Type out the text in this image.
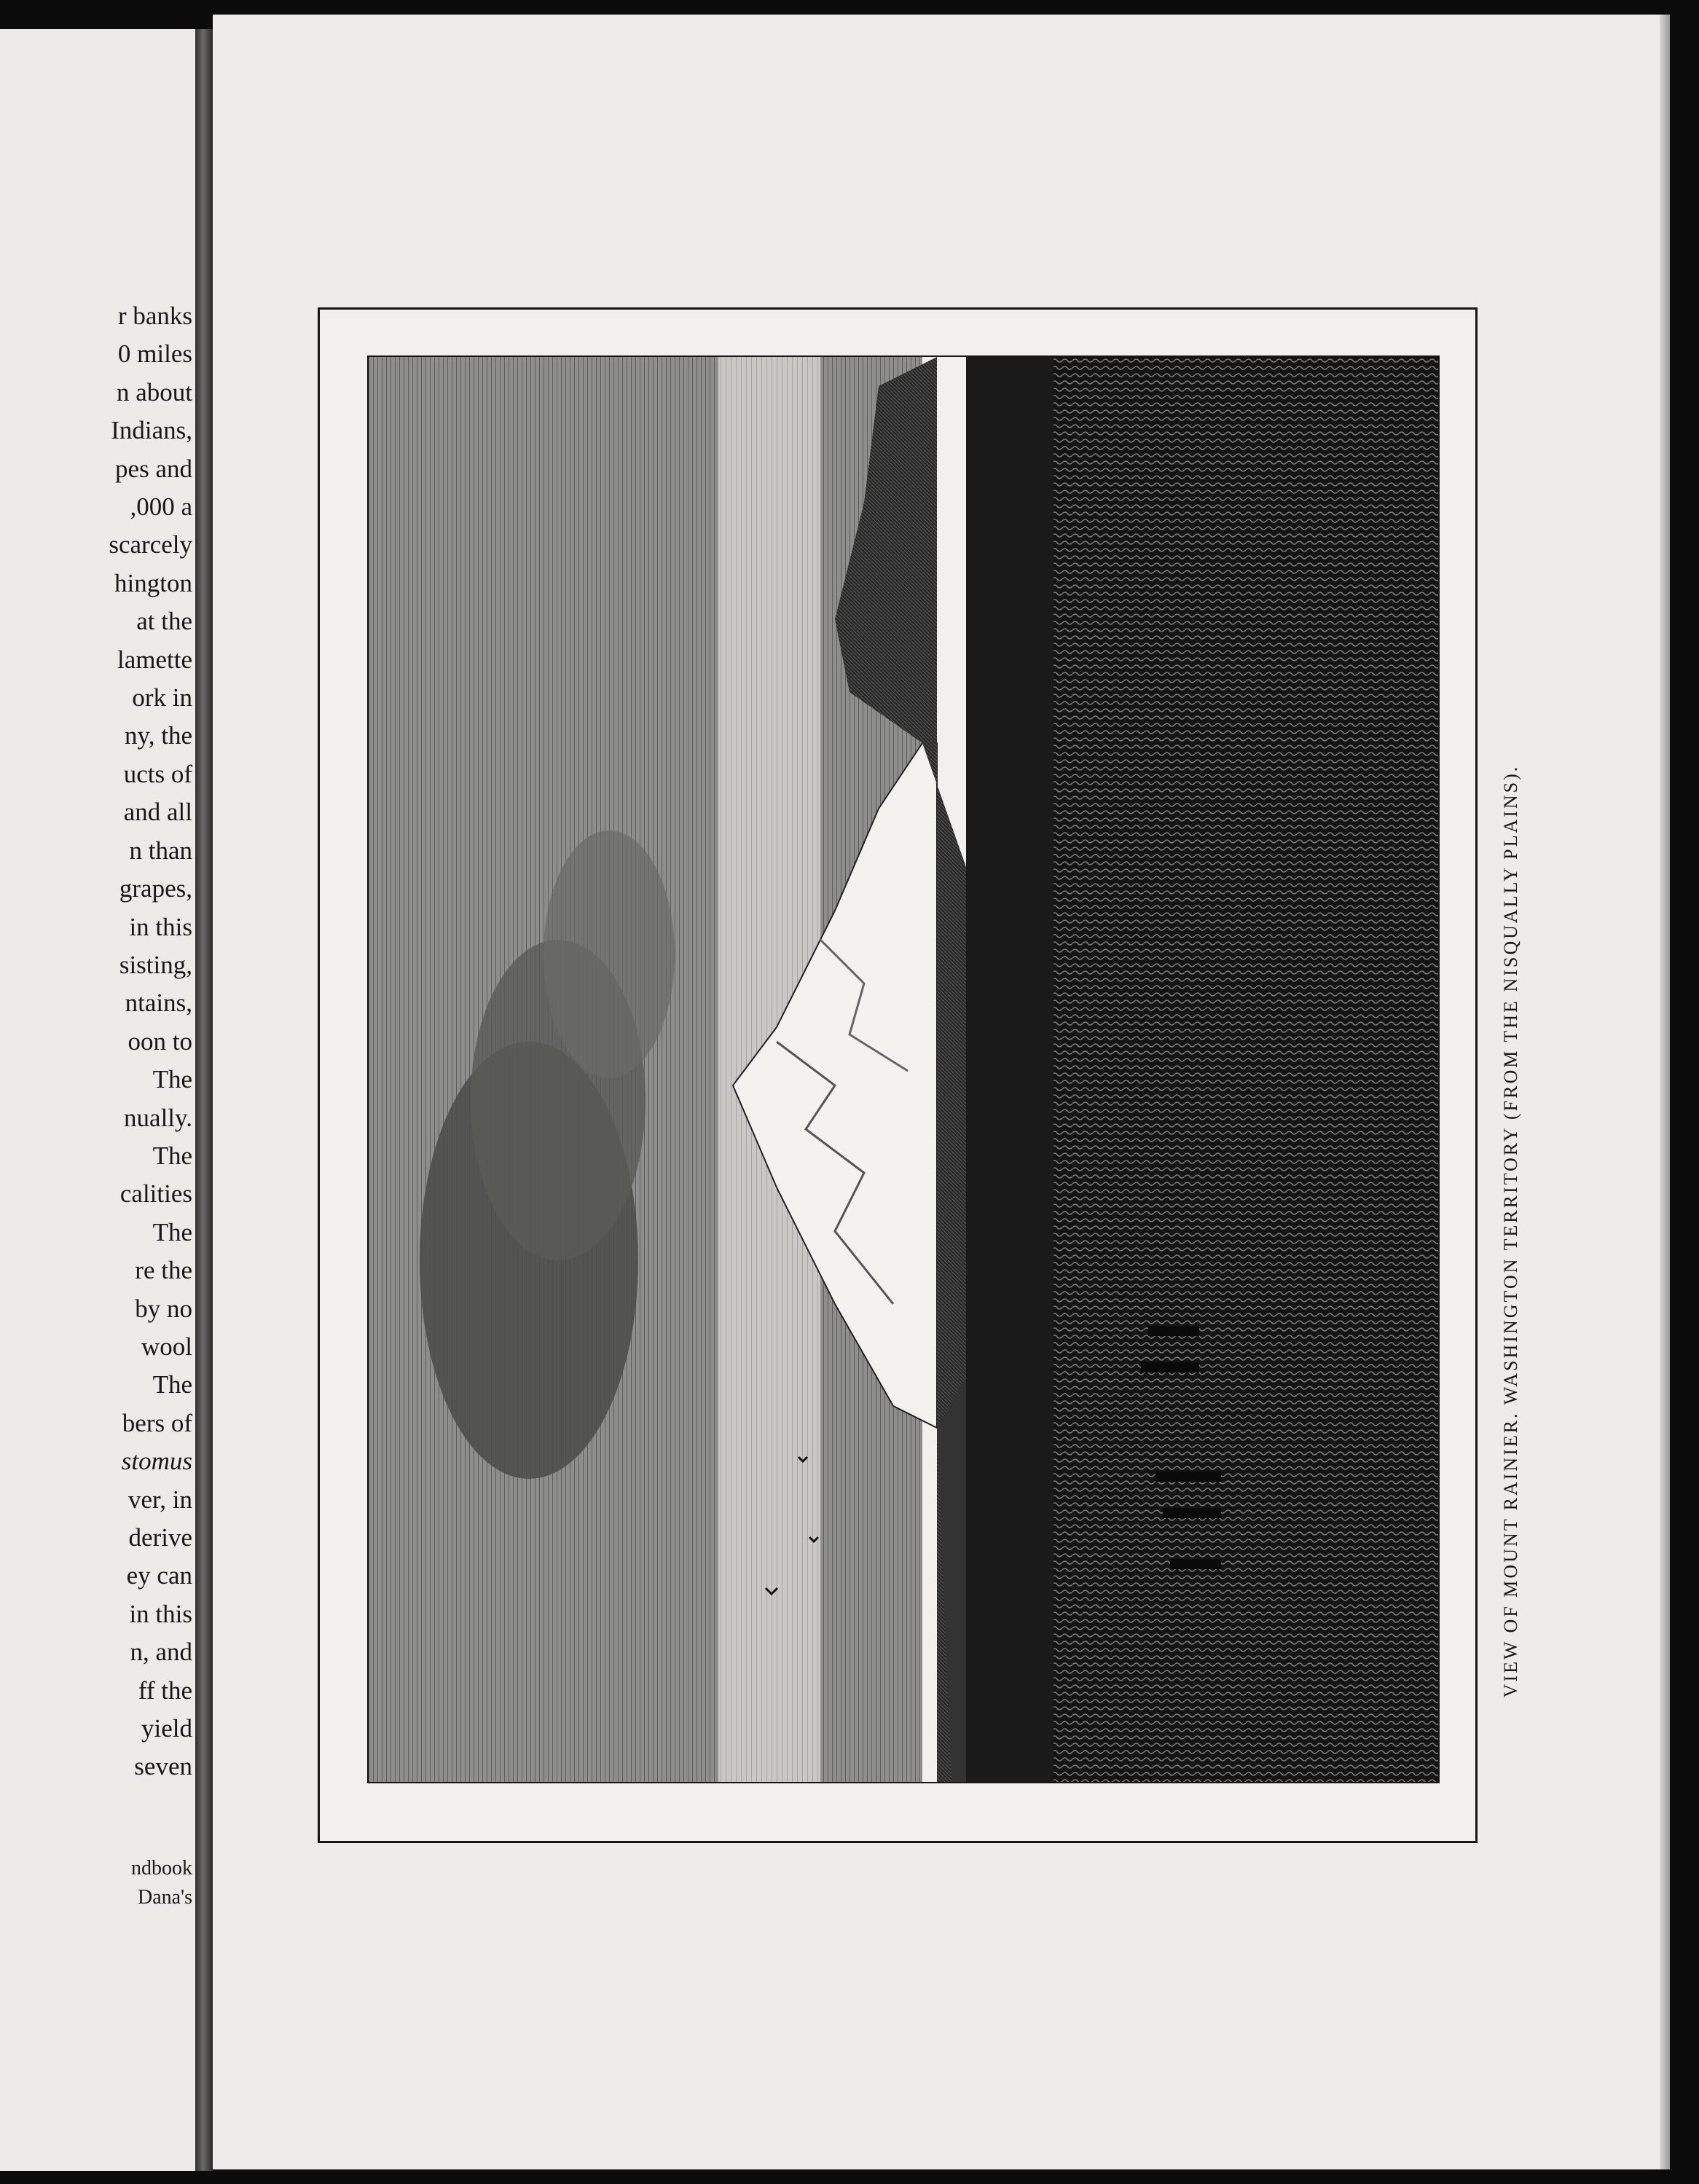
r banks
0 miles
n about
Indians,
pes and
,000 a
scarcely
hington
at the
lamette
ork in
ny, the
ucts of
and all
n than
grapes,
in this
sisting,
ntains,
oon to
The
nually.
The
calities
The
re the
by no
wool
The
bers of
stomus
ver, in
derive
ey can
in this
n, and
ff the
yield
seven
ndbook
Dana's
VIEW OF MOUNT RAINIER. WASHINGTON TERRITORY (FROM THE NISQUALLY PLAINS).
